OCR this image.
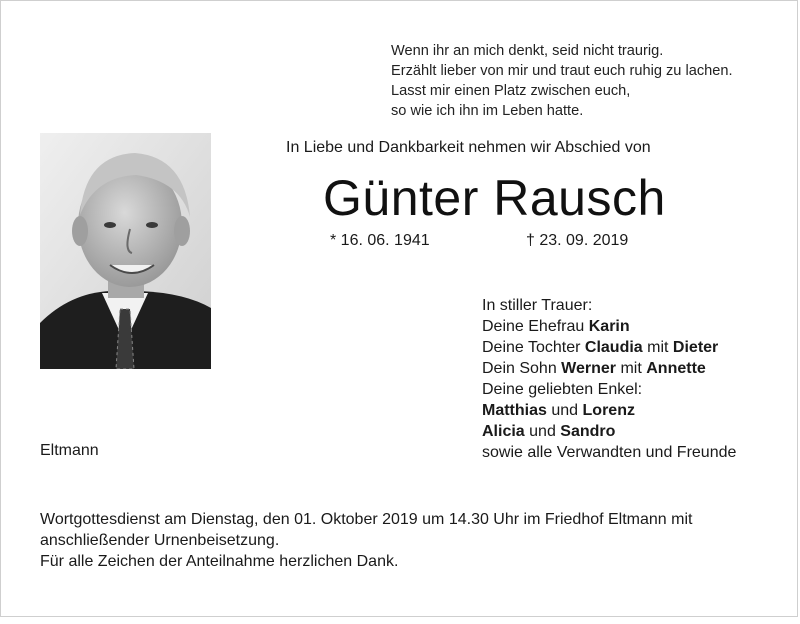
Wenn ihr an mich denkt, seid nicht traurig.
Erzählt lieber von mir und traut euch ruhig zu lachen.
Lasst mir einen Platz zwischen euch,
so wie ich ihn im Leben hatte.
In Liebe und Dankbarkeit nehmen wir Abschied von
Günter Rausch
* 16. 06. 1941	† 23. 09. 2019
In stiller Trauer:
Deine Ehefrau Karin
Deine Tochter Claudia mit Dieter
Dein Sohn Werner mit Annette
Deine geliebten Enkel:
Matthias und Lorenz
Alicia und Sandro
sowie alle Verwandten und Freunde
Eltmann
Wortgottesdienst am Dienstag, den 01. Oktober 2019 um 14.30 Uhr im Friedhof Eltmann mit
anschließender Urnenbeisetzung.
Für alle Zeichen der Anteilnahme herzlichen Dank.
